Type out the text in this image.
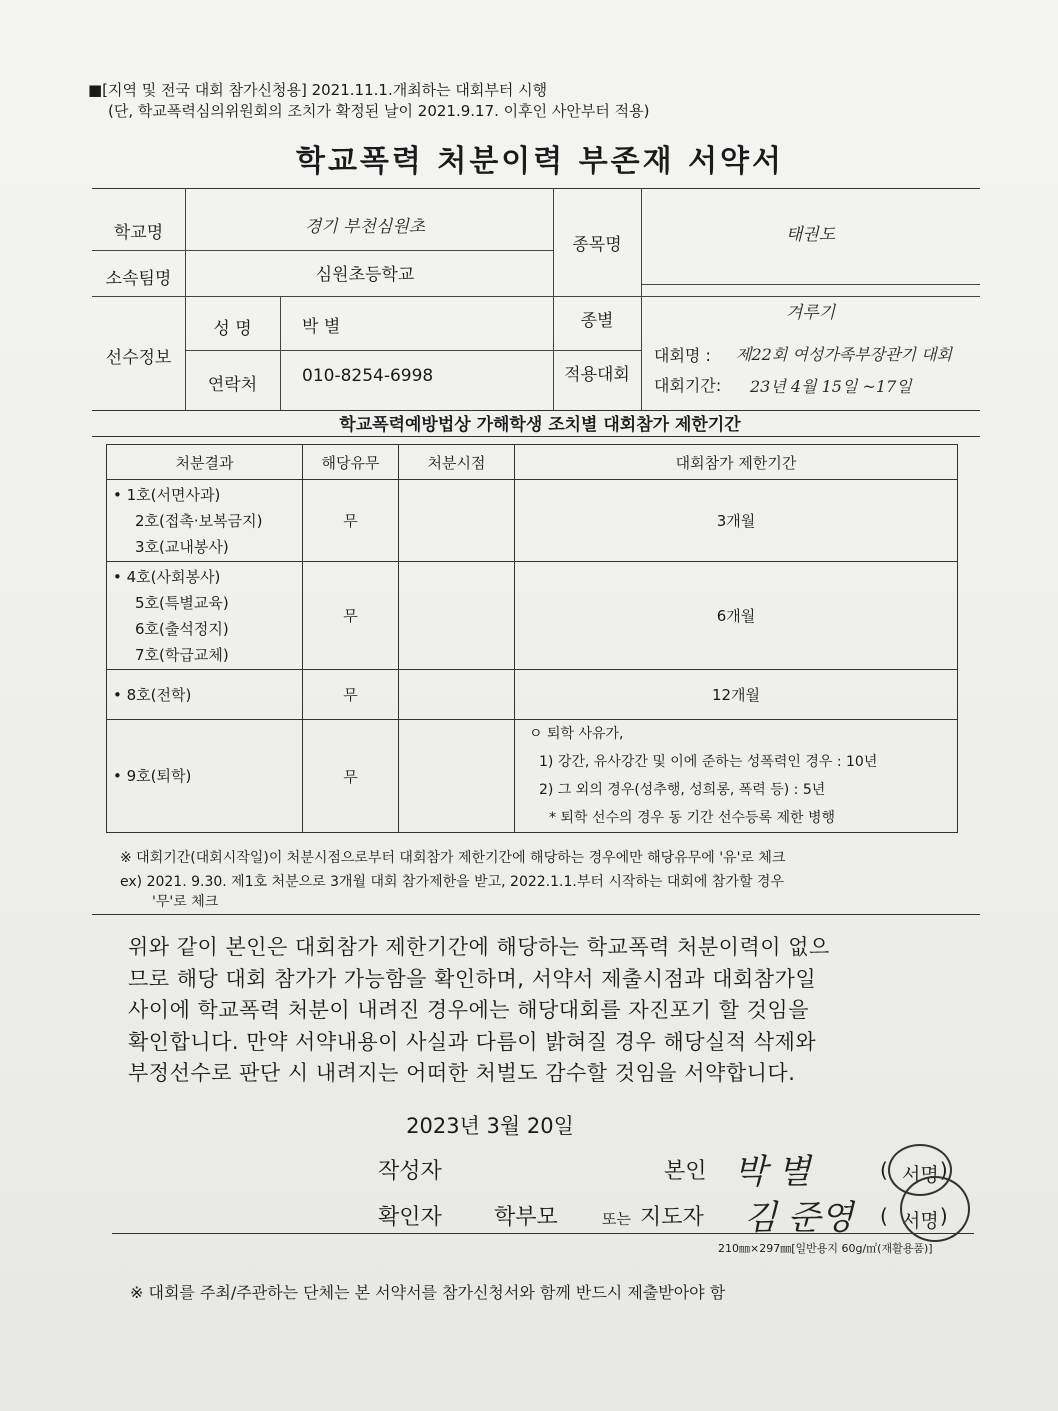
■[지역 및 전국 대회 참가신청용] 2021.11.1.개최하는 대회부터 시행
(단, 학교폭력심의위원회의 조치가 확정된 날이 2021.9.17. 이후인 사안부터 적용)
학교폭력 처분이력 부존재 서약서
학교명	경기 부천심원초
소속팀명	심원초등학교
종목명	태권도
선수정보
성 명	박 별	종별	겨루기
연락처	010-8254-6998	적용대회
대회명 :	제22회 여성가족부장관기 대회
대회기간:	23년 4월 15일 ~17일
학교폭력예방법상 가해학생 조치별 대회참가 제한기간
처분결과	해당유무	처분시점	대회참가 제한기간

• 1호(서면사과)
2호(접촉·보복금지)
3호(교내봉사)	무		3개월

• 4호(사회봉사)
5호(특별교육)
6호(출석정지)
7호(학급교체)	무		6개월

• 8호(전학)	무		12개월

• 9호(퇴학)	무		ㅇ 퇴학 사유가,
1) 강간, 유사강간 및 이에 준하는 성폭력인 경우 : 10년
2) 그 외의 경우(성추행, 성희롱, 폭력 등) : 5년
* 퇴학 선수의 경우 동 기간 선수등록 제한 병행
※ 대회기간(대회시작일)이 처분시점으로부터 대회참가 제한기간에 해당하는 경우에만 해당유무에 '유'로 체크
ex) 2021. 9.30. 제1호 처분으로 3개월 대회 참가제한을 받고, 2022.1.1.부터 시작하는 대회에 참가할 경우
'무'로 체크
위와 같이 본인은 대회참가 제한기간에 해당하는 학교폭력 처분이력이 없으
므로 해당 대회 참가가 가능함을 확인하며, 서약서 제출시점과 대회참가일
사이에 학교폭력 처분이 내려진 경우에는 해당대회를 자진포기 할 것임을
확인합니다. 만약 서약내용이 사실과 다름이 밝혀질 경우 해당실적 삭제와
부정선수로 판단 시 내려지는 어떠한 처벌도 감수할 것임을 서약합니다.
2023년 3월 20일
작성자	본인 박 별	(	)
서명
확인자 학부모	또는 지도자 김 준영 (	)
서명
210㎜×297㎜[일반용지 60g/㎡(재활용품)]
※ 대회를 주최/주관하는 단체는 본 서약서를 참가신청서와 함께 반드시 제출받아야 함
